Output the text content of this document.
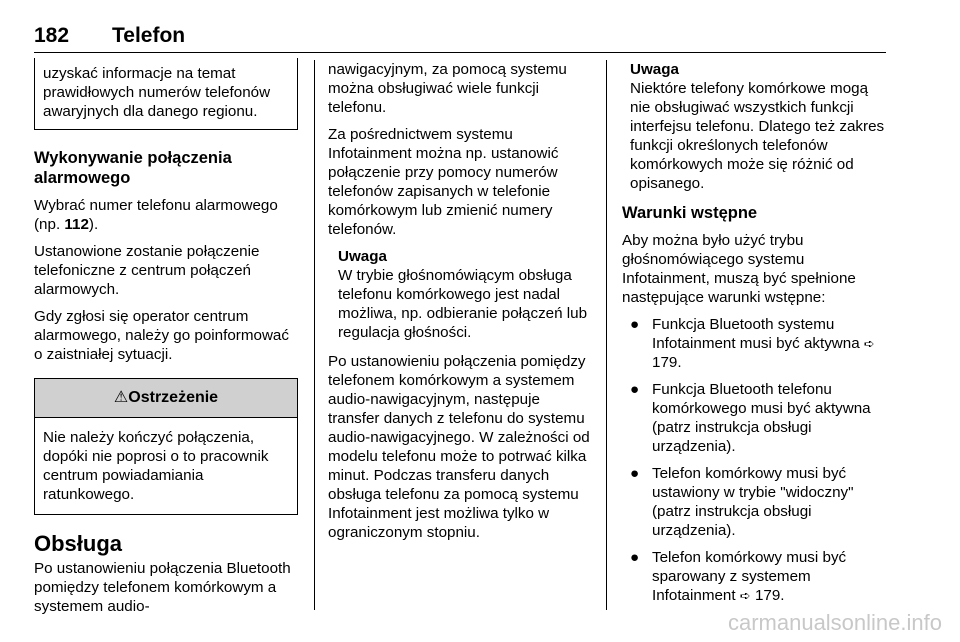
182 Telefon
uzyskać informacje na temat prawidłowych numerów telefonów awaryjnych dla danego regionu.
Wykonywanie połączenia alarmowego

Wybrać numer telefonu alarmowego (np. 112).

Ustanowione zostanie połączenie telefoniczne z centrum połączeń alarmowych.

Gdy zgłosi się operator centrum alarmowego, należy go poinformować o zaistniałej sytuacji.

⚠Ostrzeżenie
Nie należy kończyć połączenia, dopóki nie poprosi o to pracownik centrum powiadamiania ratunkowego.
Obsługa

Po ustanowieniu połączenia Bluetooth pomiędzy telefonem komórkowym a systemem audio-

nawigacyjnym, za pomocą systemu można obsługiwać wiele funkcji telefonu.

Za pośrednictwem systemu Infotainment można np. ustanowić połączenie przy pomocy numerów telefonów zapisanych w telefonie komórkowym lub zmienić numery telefonów.

Uwaga
W trybie głośnomówiącym obsługa telefonu komórkowego jest nadal możliwa, np. odbieranie połączeń lub regulacja głośności.

Po ustanowieniu połączenia pomiędzy telefonem komórkowym a systemem audio-nawigacyjnym, następuje transfer danych z telefonu do systemu audio-nawigacyjnego. W zależności od modelu telefonu może to potrwać kilka minut. Podczas transferu danych obsługa telefonu za pomocą systemu Infotainment jest możliwa tylko w ograniczonym stopniu.

Uwaga
Niektóre telefony komórkowe mogą nie obsługiwać wszystkich funkcji interfejsu telefonu. Dlatego też zakres funkcji określonych telefonów komórkowych może się różnić od opisanego.
Warunki wstępne

Aby można było użyć trybu głośnomówiącego systemu Infotainment, muszą być spełnione następujące warunki wstępne:

● Funkcja Bluetooth systemu Infotainment musi być aktywna ➪ 179.
● Funkcja Bluetooth telefonu komórkowego musi być aktywna (patrz instrukcja obsługi urządzenia).
● Telefon komórkowy musi być ustawiony w trybie "widoczny" (patrz instrukcja obsługi urządzenia).
● Telefon komórkowy musi być sparowany z systemem Infotainment ➪ 179.
carmanualsonline.info
